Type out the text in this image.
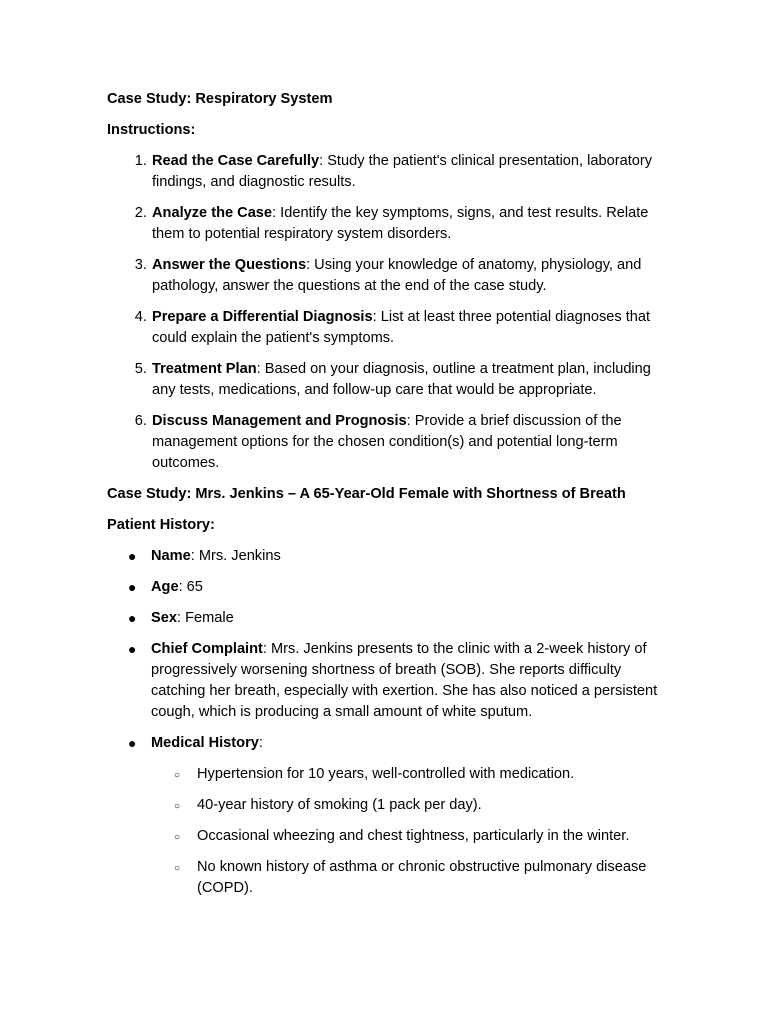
Case Study: Respiratory System
Instructions:
1. Read the Case Carefully: Study the patient's clinical presentation, laboratory findings, and diagnostic results.
2. Analyze the Case: Identify the key symptoms, signs, and test results. Relate them to potential respiratory system disorders.
3. Answer the Questions: Using your knowledge of anatomy, physiology, and pathology, answer the questions at the end of the case study.
4. Prepare a Differential Diagnosis: List at least three potential diagnoses that could explain the patient's symptoms.
5. Treatment Plan: Based on your diagnosis, outline a treatment plan, including any tests, medications, and follow-up care that would be appropriate.
6. Discuss Management and Prognosis: Provide a brief discussion of the management options for the chosen condition(s) and potential long-term outcomes.
Case Study: Mrs. Jenkins – A 65-Year-Old Female with Shortness of Breath
Patient History:
● Name: Mrs. Jenkins
● Age: 65
● Sex: Female
● Chief Complaint: Mrs. Jenkins presents to the clinic with a 2-week history of progressively worsening shortness of breath (SOB). She reports difficulty catching her breath, especially with exertion. She has also noticed a persistent cough, which is producing a small amount of white sputum.
● Medical History:
○ Hypertension for 10 years, well-controlled with medication.
○ 40-year history of smoking (1 pack per day).
○ Occasional wheezing and chest tightness, particularly in the winter.
○ No known history of asthma or chronic obstructive pulmonary disease (COPD).
